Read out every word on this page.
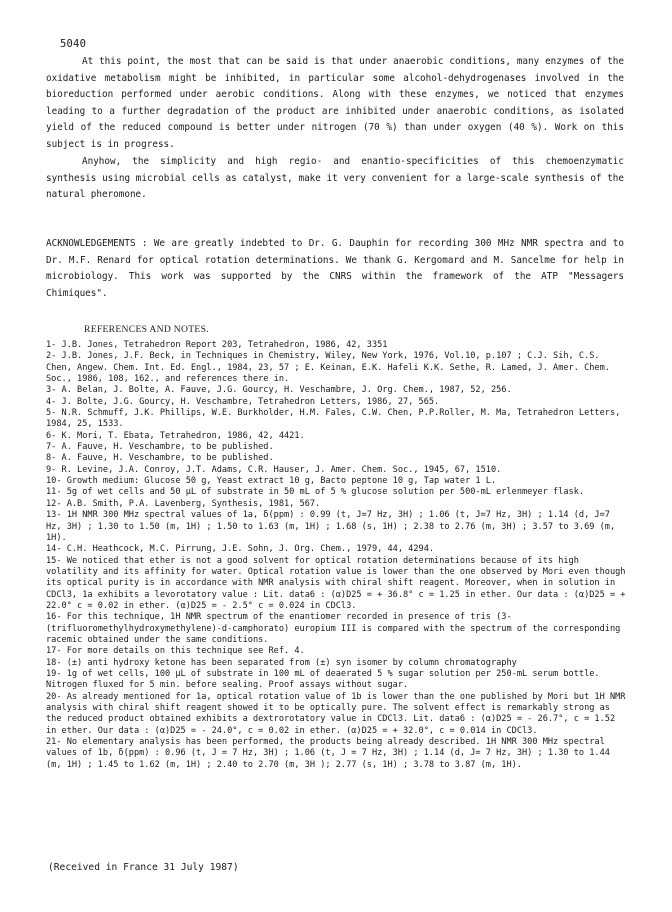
5040

At this point, the most that can be said is that under anaerobic conditions, many enzymes of the oxidative metabolism might be inhibited, in particular some alcohol-dehydrogenases involved in the bioreduction performed under aerobic conditions. Along with these enzymes, we noticed that enzymes leading to a further degradation of the product are inhibited under anaerobic conditions, as isolated yield of the reduced compound is better under nitrogen (70 %) than under oxygen (40 %). Work on this subject is in progress.

Anyhow, the simplicity and high regio- and enantio-specificities of this chemoenzymatic synthesis using microbial cells as catalyst, make it very convenient for a large-scale synthesis of the natural pheromone.

ACKNOWLEDGEMENTS : We are greatly indebted to Dr. G. Dauphin for recording 300 MHz NMR spectra and to Dr. M.F. Renard for optical rotation determinations. We thank G. Kergomard and M. Sancelme for help in microbiology. This work was supported by the CNRS within the framework of the ATP "Messagers Chimiques".

REFERENCES AND NOTES.
1- J.B. Jones, Tetrahedron Report 203, Tetrahedron, 1986, 42, 3351
2- J.B. Jones, J.F. Beck, in Techniques in Chemistry, Wiley, New York, 1976, Vol.10, p.107 ; C.J. Sih, C.S. Chen, Angew. Chem. Int. Ed. Engl., 1984, 23, 57 ; E. Keinan, E.K. Hafeli K.K. Sethe, R. Lamed, J. Amer. Chem. Soc., 1986, 108, 162., and references there in.
3- A. Belan, J. Bolte, A. Fauve, J.G. Gourcy, H. Veschambre, J. Org. Chem., 1987, 52, 256.
4- J. Bolte, J.G. Gourcy, H. Veschambre, Tetrahedron Letters, 1986, 27, 565.
5- N.R. Schmuff, J.K. Phillips, W.E. Burkholder, H.M. Fales, C.W. Chen, P.P.Roller, M. Ma, Tetrahedron Letters, 1984, 25, 1533.
6- K. Mori, T. Ebata, Tetrahedron, 1986, 42, 4421.
7- A. Fauve, H. Veschambre, to be published.
8- A. Fauve, H. Veschambre, to be published.
9- R. Levine, J.A. Conroy, J.T. Adams, C.R. Hauser, J. Amer. Chem. Soc., 1945, 67, 1510.
10- Growth medium: Glucose 50 g, Yeast extract 10 g, Bacto peptone 10 g, Tap water 1 L.
11- 5g of wet cells and 50 µL of substrate in 50 mL of 5 % glucose solution per 500-mL erlenmeyer flask.
12- A.B. Smith, P.A. Lavenberg, Synthesis, 1981, 567.
13- 1H NMR 300 MHz spectral values of 1a, δ(ppm) : 0.99 (t, J=7 Hz, 3H) ; 1.06 (t, J=7 Hz, 3H) ; 1.14 (d, J=7 Hz, 3H) ; 1.30 to 1.50 (m, 1H) ; 1.50 to 1.63 (m, 1H) ; 1.68 (s, 1H) ; 2.38 to 2.76 (m, 3H) ; 3.57 to 3.69 (m, 1H).
14- C.H. Heathcock, M.C. Pirrung, J.E. Sohn, J. Org. Chem., 1979, 44, 4294.
15- We noticed that ether is not a good solvent for optical rotation determinations because of its high volatility and its affinity for water. Optical rotation value is lower than the one observed by Mori even though its optical purity is in accordance with NMR analysis with chiral shift reagent. Moreover, when in solution in CDCl3, 1a exhibits a levorotatory value : Lit. data6 : (α)D25 = + 36.8° c = 1.25 in ether. Our data : (α)D25 = + 22.0° c = 0.02 in ether. (α)D25 = - 2.5° c = 0.024 in CDCl3.
16- For this technique, 1H NMR spectrum of the enantiomer recorded in presence of tris (3-(trifluoromethylhydroxymethylene)-d-camphorato) europium III is compared with the spectrum of the corresponding racemic obtained under the same conditions.
17- For more details on this technique see Ref. 4.
18- (±) anti hydroxy ketone has been separated from (±) syn isomer by column chromatography
19- 1g of wet cells, 100 µL of substrate in 100 mL of deaerated 5 % sugar solution per 250-mL serum bottle. Nitrogen fluxed for 5 min. before sealing. Proof assays without sugar.
20- As already mentioned for 1a, optical rotation value of 1b is lower than the one published by Mori but 1H NMR analysis with chiral shift reagent showed it to be optically pure. The solvent effect is remarkably strong as the reduced product obtained exhibits a dextrorotatory value in CDCl3. Lit. data6 : (α)D25 = - 26.7°, c = 1.52 in ether. Our data : (α)D25 = - 24.0°, c = 0.02 in ether. (α)D25 = + 32.0°, c = 0.014 in CDCl3.
21- No elementary analysis has been performed, the products being already described. 1H NMR 300 MHz spectral values of 1b, δ(ppm) : 0.96 (t, J = 7 Hz, 3H) ; 1.06 (t, J = 7 Hz, 3H) ; 1.14 (d, J= 7 Hz, 3H) ; 1.30 to 1.44 (m, 1H) ; 1.45 to 1.62 (m, 1H) ; 2.40 to 2.70 (m, 3H ); 2.77 (s, 1H) ; 3.78 to 3.87 (m, 1H).
(Received in France 31 July 1987)
